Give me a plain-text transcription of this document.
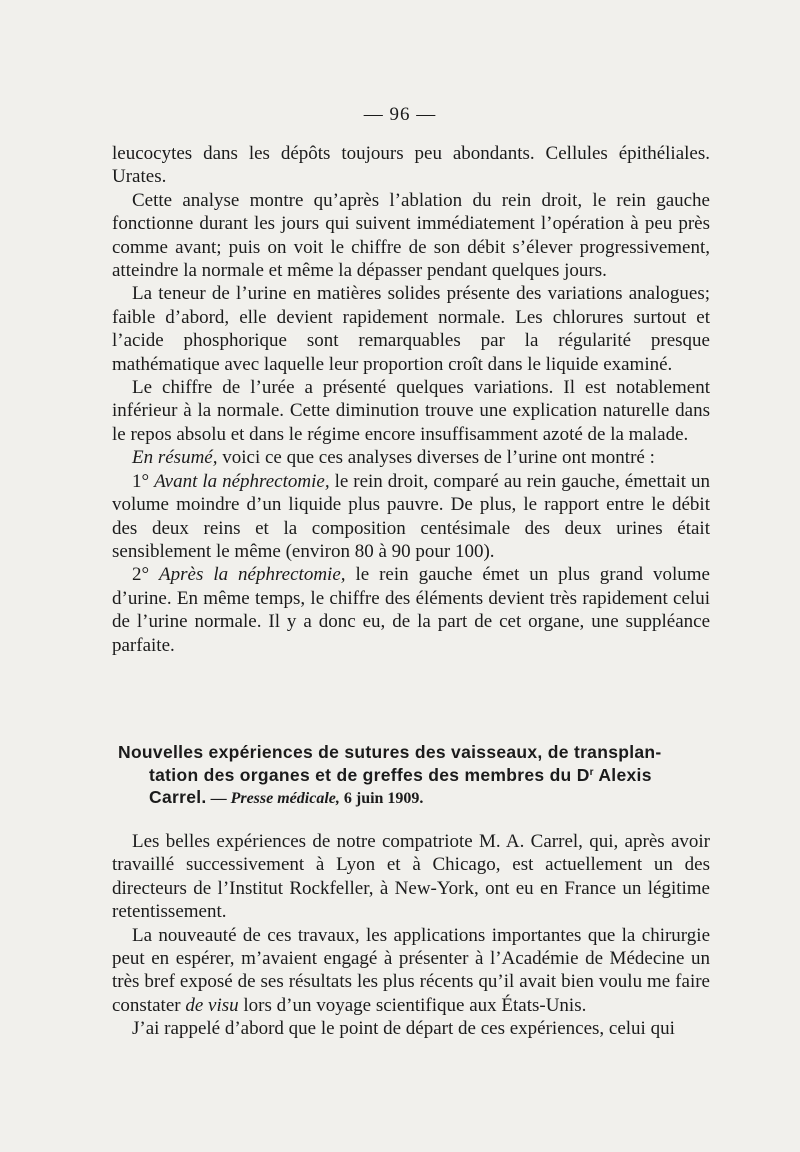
— 96 —

leucocytes dans les dépôts toujours peu abondants. Cellules épithéliales. Urates.

Cette analyse montre qu’après l’ablation du rein droit, le rein gauche fonctionne durant les jours qui suivent immédiatement l’opération à peu près comme avant; puis on voit le chiffre de son débit s’élever progressivement, atteindre la normale et même la dépasser pendant quelques jours.

La teneur de l’urine en matières solides présente des variations analogues; faible d’abord, elle devient rapidement normale. Les chlorures surtout et l’acide phosphorique sont remarquables par la régularité presque mathématique avec laquelle leur proportion croît dans le liquide examiné.

Le chiffre de l’urée a présenté quelques variations. Il est notablement inférieur à la normale. Cette diminution trouve une explication naturelle dans le repos absolu et dans le régime encore insuffisamment azoté de la malade.

En résumé, voici ce que ces analyses diverses de l’urine ont montré :

1° Avant la néphrectomie, le rein droit, comparé au rein gauche, émettait un volume moindre d’un liquide plus pauvre. De plus, le rapport entre le débit des deux reins et la composition centésimale des deux urines était sensiblement le même (environ 80 à 90 pour 100).

2° Après la néphrectomie, le rein gauche émet un plus grand volume d’urine. En même temps, le chiffre des éléments devient très rapidement celui de l’urine normale. Il y a donc eu, de la part de cet organe, une suppléance parfaite.

Nouvelles expériences de sutures des vaisseaux, de transplan-
tation des organes et de greffes des membres du $D^r$ Alexis
Carrel. — Presse médicale, 6 juin 1909.

Les belles expériences de notre compatriote M. A. Carrel, qui, après avoir travaillé successivement à Lyon et à Chicago, est actuellement un des directeurs de l’Institut Rockfeller, à New-York, ont eu en France un légitime retentissement.

La nouveauté de ces travaux, les applications importantes que la chirurgie peut en espérer, m’avaient engagé à présenter à l’Académie de Médecine un très bref exposé de ses résultats les plus récents qu’il avait bien voulu me faire constater de visu lors d’un voyage scientifique aux États-Unis.

J’ai rappelé d’abord que le point de départ de ces expériences, celui qui
